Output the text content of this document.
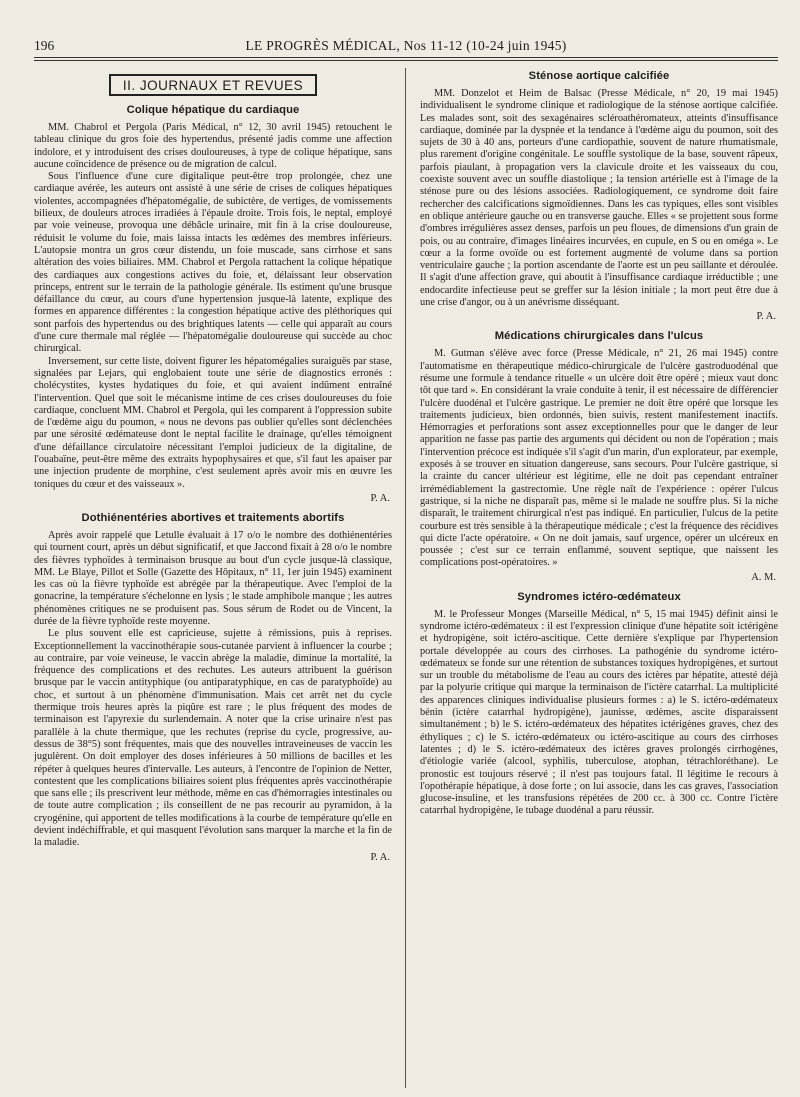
196	LE PROGRÈS MÉDICAL, Nos 11-12 (10-24 juin 1945)
II. JOURNAUX ET REVUES
Colique hépatique du cardiaque

MM. Chabrol et Pergola (Paris Médical, n° 12, 30 avril 1945) retouchent le tableau clinique du gros foie des hypertendus, présenté jadis comme une affection indolore, et y introduisent des crises douloureuses, à type de colique hépatique, sans aucune coïncidence de présence ou de migration de calcul.

Sous l'influence d'une cure digitalique peut-être trop prolongée, chez une cardiaque avérée, les auteurs ont assisté à une série de crises de coliques hépatiques violentes, accompagnées d'hépatomégalie, de subictère, de vertiges, de vomissements bilieux, de douleurs atroces irradiées à l'épaule droite. Trois fois, le neptal, employé par voie veineuse, provoqua une débâcle urinaire, mit fin à la crise douloureuse, réduisit le volume du foie, mais laissa intacts les œdèmes des membres inférieurs. L'autopsie montra un gros cœur distendu, un foie muscade, sans cirrhose et sans altération des voies biliaires. MM. Chabrol et Pergola rattachent la colique hépatique des cardiaques aux congestions actives du foie, et, délaissant leur observation princeps, entrent sur le terrain de la pathologie générale. Ils estiment qu'une brusque défaillance du cœur, au cours d'une hypertension jusque-là latente, explique des formes en apparence différentes : la congestion hépatique active des pléthoriques qui sont parfois des hypertendus ou des brightiques latents — celle qui apparaît au cours d'une cure thermale mal réglée — l'hépatomégalie douloureuse qui succède au choc chirurgical.

Inversement, sur cette liste, doivent figurer les hépatomégalies suraiguës par stase, signalées par Lejars, qui englobaient toute une série de diagnostics erronés : cholécystites, kystes hydatiques du foie, et qui avaient indûment entraîné l'intervention. Quel que soit le mécanisme intime de ces crises douloureuses du foie cardiaque, concluent MM. Chabrol et Pergola, qui les comparent à l'oppression subite de l'œdème aigu du poumon, « nous ne devons pas oublier qu'elles sont déclenchées par une sérosité œdémateuse dont le neptal facilite le drainage, qu'elles témoignent d'une défaillance circulatoire nécessitant l'emploi judicieux de la digitaline, de l'ouabaïne, peut-être même des extraits hypophysaires et que, s'il faut les apaiser par une injection prudente de morphine, c'est seulement après avoir mis en œuvre les toniques du cœur et des vaisseaux ».

P. A.
Dothiénentéries abortives et traitements abortifs

Après avoir rappelé que Letulle évaluait à 17 o/o le nombre des dothiénentéries qui tournent court, après un début significatif, et que Jaccond fixait à 28 o/o le nombre des fièvres typhoïdes à terminaison brusque au bout d'un cycle jusque-là classique, MM. Le Blaye, Pillot et Solle (Gazette des Hôpitaux, n° 11, 1er juin 1945) examinent les cas où la fièvre typhoïde est abrégée par la thérapeutique. Avec l'emploi de la gonacrine, la température s'échelonne en lysis ; le stade amphibole manque ; les autres phénomènes critiques ne se produisent pas. Sous sérum de Rodet ou de Vincent, la durée de la fièvre typhoïde reste moyenne.

Le plus souvent elle est capricieuse, sujette à rémissions, puis à reprises. Exceptionnellement la vaccinothérapie sous-cutanée parvient à influencer la courbe ; au contraire, par voie veineuse, le vaccin abrège la maladie, diminue la mortalité, la fréquence des complications et des rechutes. Les auteurs attribuent la guérison brusque par le vaccin antityphique (ou antiparatyphique, en cas de paratyphoïde) au choc, et surtout à un phénomène d'immunisation. Mais cet arrêt net du cycle thermique trois heures après la piqûre est rare ; le plus fréquent des modes de terminaison est l'apyrexie du surlendemain. A noter que la crise urinaire n'est pas parallèle à la chute thermique, que les rechutes (reprise du cycle, progressive, au-dessus de 38°5) sont fréquentes, mais que des nouvelles intraveineuses de vaccin les jugulèrent. On doit employer des doses inférieures à 50 millions de bacilles et les répéter à quelques heures d'intervalle. Les auteurs, à l'encontre de l'opinion de Netter, contestent que les complications biliaires soient plus fréquentes après vaccinothérapie que sans elle ; ils prescrivent leur méthode, même en cas d'hémorragies intestinales ou de toute autre complication ; ils conseillent de ne pas recourir au pyramidon, à la cryogénine, qui apportent de telles modifications à la courbe de température qu'elle en devient indéchiffrable, et qui masquent l'évolution sans marquer la marche et la fin de la maladie.

P. A.
Sténose aortique calcifiée

MM. Donzelot et Heim de Balsac (Presse Médicale, n° 20, 19 mai 1945) individualisent le syndrome clinique et radiologique de la sténose aortique calcifiée. Les malades sont, soit des sexagénaires scléroathéromateux, atteints d'insuffisance cardiaque, dominée par la dyspnée et la tendance à l'œdème aigu du poumon, soit des sujets de 30 à 40 ans, porteurs d'une cardiopathie, souvent de nature rhumatismale, plus rarement d'origine congénitale. Le souffle systolique de la base, souvent râpeux, parfois piaulant, à propagation vers la clavicule droite et les vaisseaux du cou, coexiste souvent avec un souffle diastolique ; la tension artérielle est à l'image de la sténose pure ou des lésions associées. Radiologiquement, ce syndrome doit faire rechercher des calcifications sigmoïdiennes. Dans les cas typiques, elles sont visibles en oblique antérieure gauche ou en transverse gauche. Elles « se projettent sous forme d'ombres irrégulières assez denses, parfois un peu floues, de dimensions d'un grain de pois, ou au contraire, d'images linéaires incurvées, en cupule, en S ou en oméga ». Le cœur a la forme ovoïde ou est fortement augmenté de volume dans sa portion ventriculaire gauche ; la portion ascendante de l'aorte est un peu saillante et déroulée. Il s'agit d'une affection grave, qui aboutit à l'insuffisance cardiaque irréductible ; une endocardite infectieuse peut se greffer sur la lésion initiale ; la mort peut être due à une crise d'angor, ou à un anévrisme disséquant.

P. A.
Médications chirurgicales dans l'ulcus

M. Gutman s'élève avec force (Presse Médicale, n° 21, 26 mai 1945) contre l'automatisme en thérapeutique médico-chirurgicale de l'ulcère gastroduodénal que résume une formule à tendance rituelle « un ulcère doit être opéré ; mieux vaut donc tôt que tard ». En considérant la vraie conduite à tenir, il est nécessaire de différencier l'ulcère duodénal et l'ulcère gastrique. Le premier ne doit être opéré que lorsque les traitements judicieux, bien ordonnés, bien suivis, restent manifestement inactifs. Hémorragies et perforations sont assez exceptionnelles pour que le danger de leur apparition ne fasse pas partie des arguments qui décident ou non de l'opération ; mais l'intervention précoce est indiquée s'il s'agit d'un marin, d'un explorateur, par exemple, exposés à se trouver en situation dangereuse, sans secours. Pour l'ulcère gastrique, si la crainte du cancer ultérieur est légitime, elle ne doit pas cependant entraîner irrémédiablement la gastrectomie. Une règle naît de l'expérience : opérer l'ulcus gastrique, si la niche ne disparaît pas, même si le malade ne souffre plus. Si la niche disparaît, le traitement chirurgical n'est pas indiqué. En particulier, l'ulcus de la petite courbure est très sensible à la thérapeutique médicale ; c'est la fréquence des récidives qui dicte l'acte opératoire. « On ne doit jamais, sauf urgence, opérer un ulcéreux en poussée ; c'est sur ce terrain enflammé, souvent septique, que naissent les complications post-opératoires. »

A. M.
Syndromes ictéro-œdémateux

M. le Professeur Monges (Marseille Médical, n° 5, 15 mai 1945) définit ainsi le syndrome ictéro-œdémateux : il est l'expression clinique d'une hépatite soit ictérigène et hydropigène, soit ictéro-ascitique. Cette dernière s'explique par l'hypertension portale développée au cours des cirrhoses. La pathogénie du syndrome ictéro-œdémateux se fonde sur une rétention de substances toxiques hydropigènes, et surtout sur un trouble du métabolisme de l'eau au cours des ictères par hépatite, attesté déjà par la polyurie critique qui marque la terminaison de l'ictère catarrhal. La multiplicité des apparences cliniques individualise plusieurs formes : a) le S. ictéro-œdémateux bénin (ictère catarrhal hydropigène), jaunisse, œdèmes, ascite disparaissent simultanément ; b) le S. ictéro-œdémateux des hépatites ictérigènes graves, chez des éthyliques ; c) le S. ictéro-œdémateux ou ictéro-ascitique au cours des cirrhoses latentes ; d) le S. ictéro-œdémateux des ictères graves prolongés cirrhogènes, d'étiologie variée (alcool, syphilis, tuberculose, atophan, tétrachloréthane). Le pronostic est toujours réservé ; il n'est pas toujours fatal. Il légitime le recours à l'opothérapie hépatique, à dose forte ; on lui associe, dans les cas graves, l'association glucose-insuline, et les transfusions répétées de 200 cc. à 300 cc. Contre l'ictère catarrhal hydropigène, le tubage duodénal a paru réussir.
